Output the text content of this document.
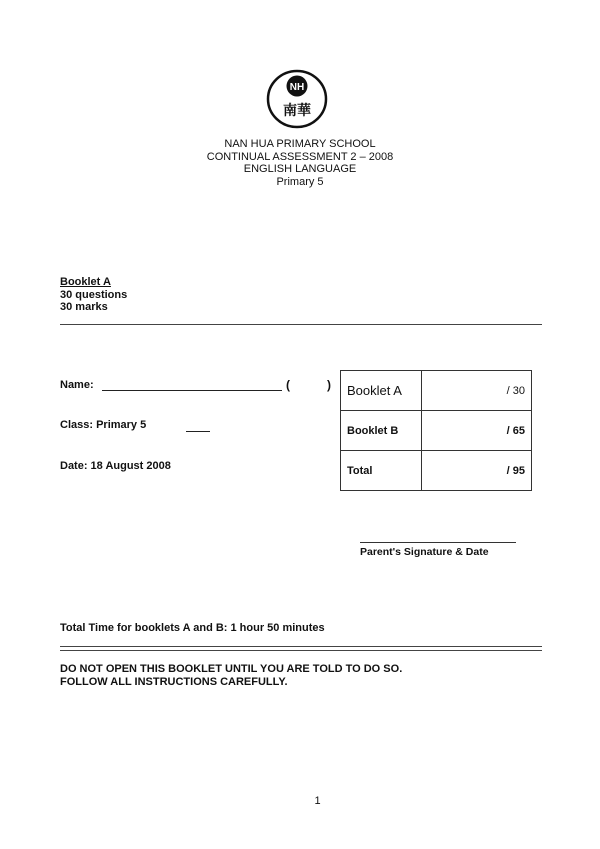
NH
南華
NAN HUA PRIMARY SCHOOL
CONTINUAL ASSESSMENT 2 – 2008
ENGLISH LANGUAGE
Primary 5
Booklet A
30 questions
30 marks
Name:	(	)
Class: Primary 5
Date: 18 August 2008
Booklet A	/ 30
Booklet B	/ 65
Total	/ 95
Parent's Signature & Date
Total Time for booklets A and B: 1 hour 50 minutes
DO NOT OPEN THIS BOOKLET UNTIL YOU ARE TOLD TO DO SO.
FOLLOW ALL INSTRUCTIONS CAREFULLY.
1
